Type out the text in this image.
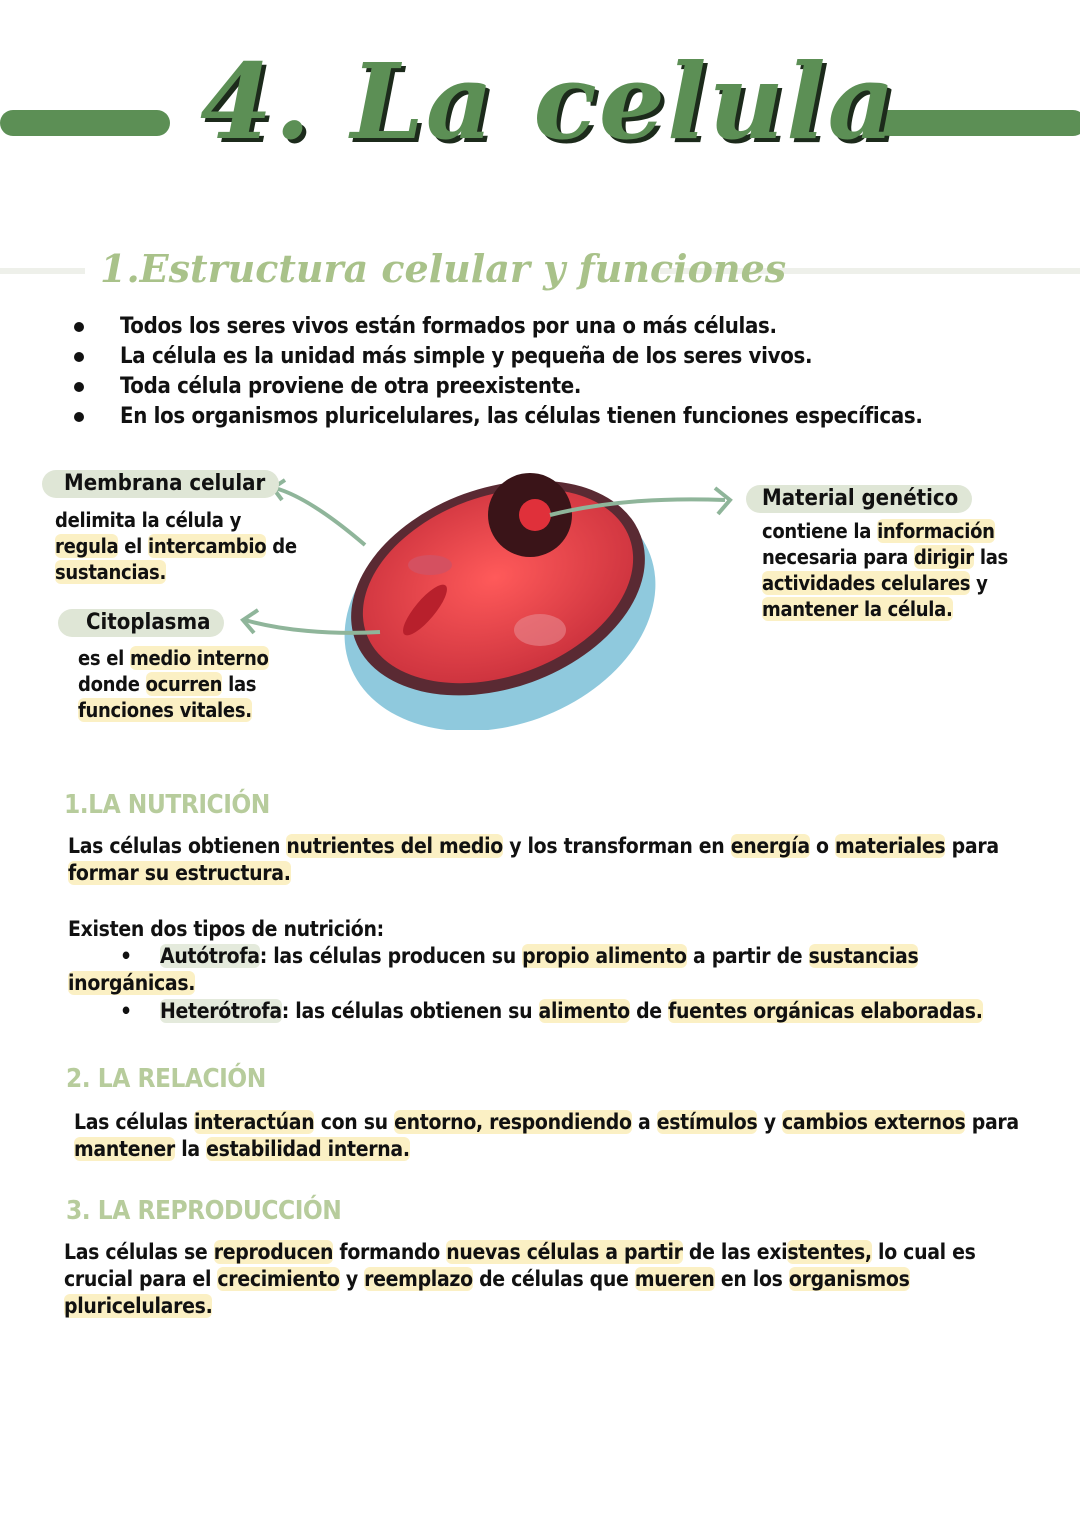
4. La celula
1.Estructura celular y funciones
Todos los seres vivos están formados por una o más células.
La célula es la unidad más simple y pequeña de los seres vivos.
Toda célula proviene de otra preexistente.
En los organismos pluricelulares, las células tienen funciones específicas.
Membrana celular
delimita la célula y
regula el intercambio de
sustancias.
Citoplasma
es el medio interno
donde ocurren las
funciones vitales.
Material genético
contiene la información
necesaria para dirigir las
actividades celulares y
mantener la célula.
1.LA NUTRICIÓN
Las células obtienen nutrientes del medio y los transforman en energía o materiales para
formar su estructura.
Existen dos tipos de nutrición:
• Autótrofa: las células producen su propio alimento a partir de sustancias
inorgánicas.
• Heterótrofa: las células obtienen su alimento de fuentes orgánicas elaboradas.
2. LA RELACIÓN
Las células interactúan con su entorno, respondiendo a estímulos y cambios externos para
mantener la estabilidad interna.
3. LA REPRODUCCIÓN
Las células se reproducen formando nuevas células a partir de las existentes, lo cual es
crucial para el crecimiento y reemplazo de células que mueren en los organismos
pluricelulares.
